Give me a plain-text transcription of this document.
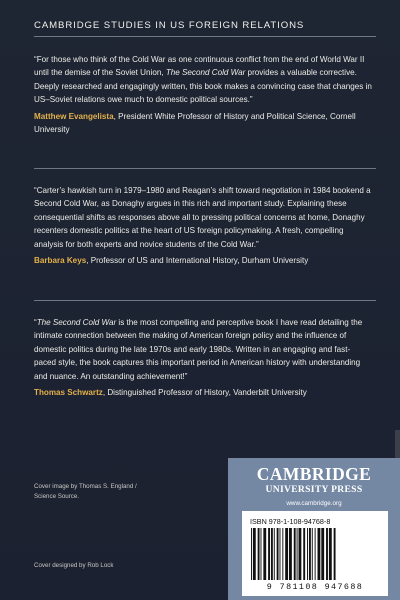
CAMBRIDGE STUDIES IN US FOREIGN RELATIONS

“For those who think of the Cold War as one continuous conflict from the end of World War II until the demise of the Soviet Union, The Second Cold War provides a valuable corrective. Deeply researched and engagingly written, this book makes a convincing case that changes in US–Soviet relations owe much to domestic political sources.”

Matthew Evangelista, President White Professor of History and Political Science, Cornell University

“Carter’s hawkish turn in 1979–1980 and Reagan’s shift toward negotiation in 1984 bookend a Second Cold War, as Donaghy argues in this rich and important study. Explaining these consequential shifts as responses above all to pressing political concerns at home, Donaghy recenters domestic politics at the heart of US foreign policymaking. A fresh, compelling analysis for both experts and novice students of the Cold War.”

Barbara Keys, Professor of US and International History, Durham University

“The Second Cold War is the most compelling and perceptive book I have read detailing the intimate connection between the making of American foreign policy and the influence of domestic politics during the late 1970s and early 1980s. Written in an engaging and fast-paced style, the book captures this important period in American history with understanding and nuance. An outstanding achievement!”

Thomas Schwartz, Distinguished Professor of History, Vanderbilt University
Cover image by Thomas S. England /
Science Source.
Cover designed by Rob Lock
CAMBRIDGE
UNIVERSITY PRESS
www.cambridge.org
ISBN 978-1-108-94768-8
9 781108 947688
